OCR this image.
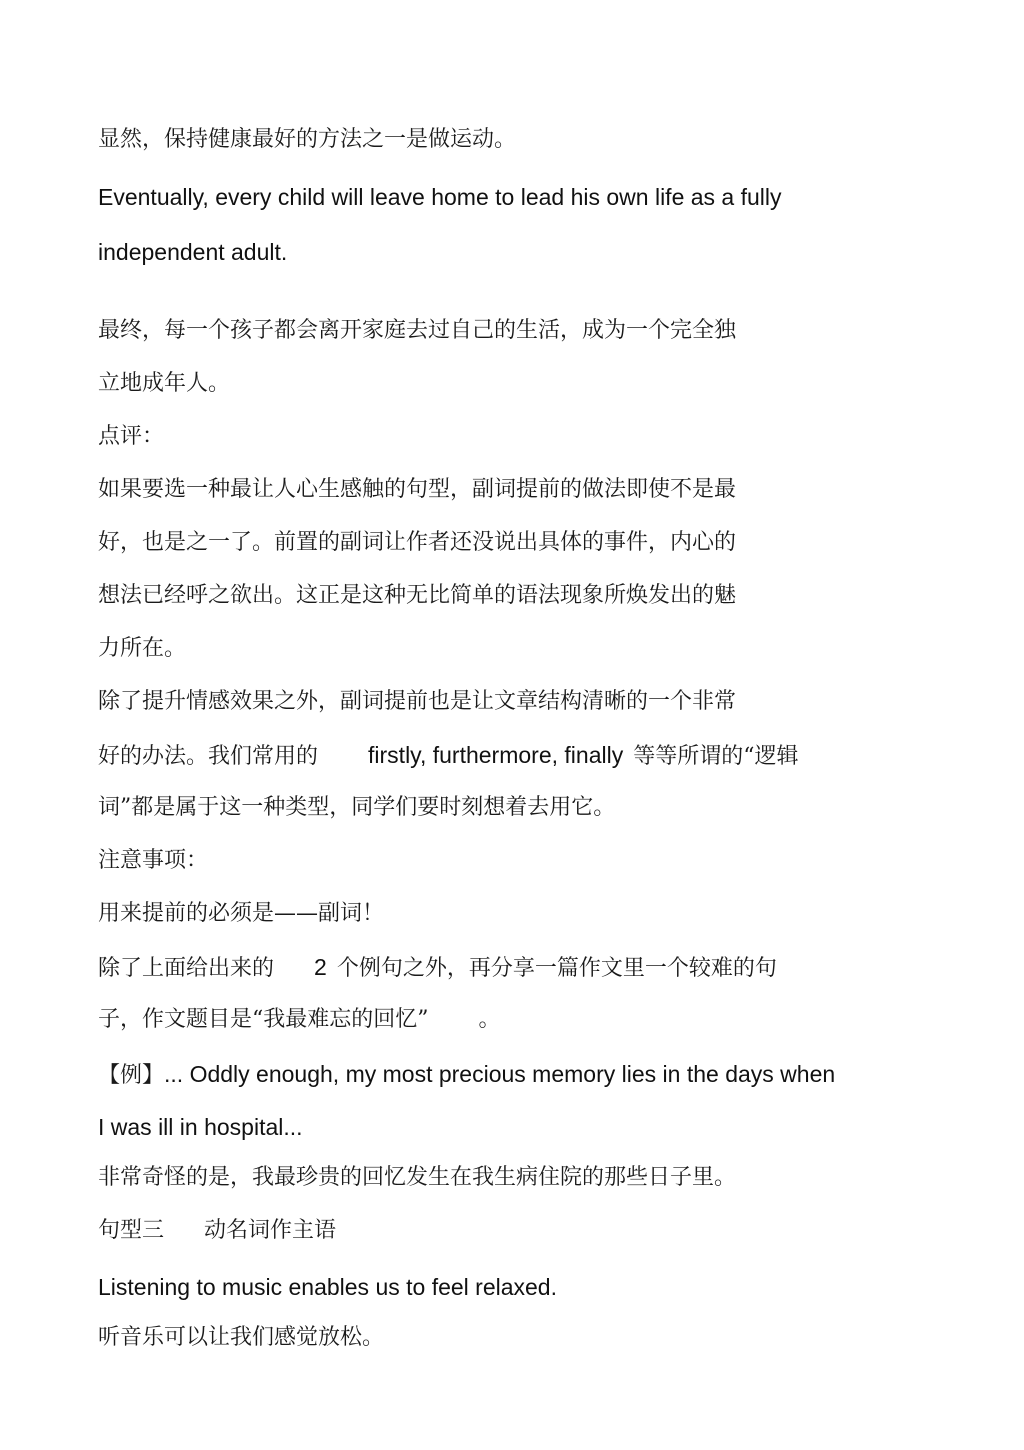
显然，保持健康最好的方法之一是做运动。
Eventually, every child will leave home to lead his own life as a fully
independent adult.
最终，每一个孩子都会离开家庭去过自己的生活，成为一个完全独
立地成年人。
点评：
如果要选一种最让人心生感触的句型，副词提前的做法即使不是最
好，也是之一了。前置的副词让作者还没说出具体的事件，内心的
想法已经呼之欲出。这正是这种无比简单的语法现象所焕发出的魅
力所在。
除了提升情感效果之外，副词提前也是让文章结构清晰的一个非常
好的办法。我们常用的 firstly, furthermore, finally 等等所谓的“逻辑
词”都是属于这一种类型，同学们要时刻想着去用它。
注意事项：
用来提前的必须是——副词！
除了上面给出来的 2 个例句之外，再分享一篇作文里一个较难的句
子，作文题目是“我最难忘的回忆” 。
【例】... Oddly enough, my most precious memory lies in the days when
I was ill in hospital...
非常奇怪的是，我最珍贵的回忆发生在我生病住院的那些日子里。
句型三 动名词作主语
Listening to music enables us to feel relaxed.
听音乐可以让我们感觉放松。
